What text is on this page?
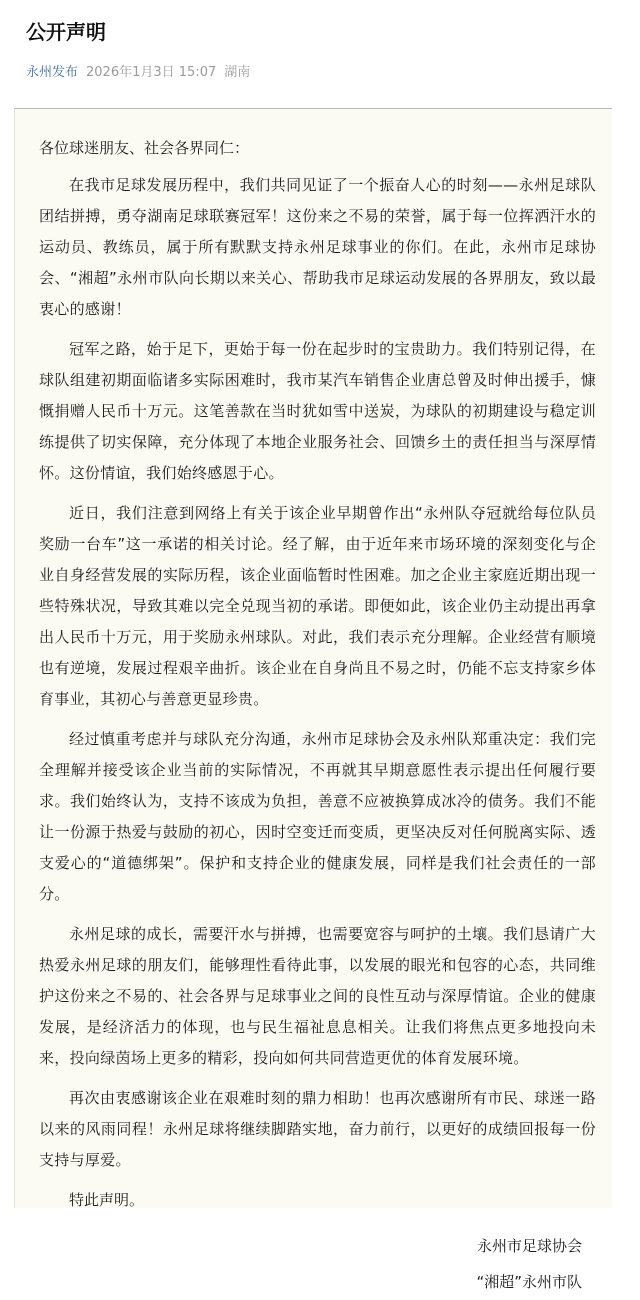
公开声明
永州发布 2026年1月3日 15:07 湖南

各位球迷朋友、社会各界同仁：

在我市足球发展历程中，我们共同见证了一个振奋人心的时刻——永州足球队团结拼搏，勇夺湖南足球联赛冠军！这份来之不易的荣誉，属于每一位挥洒汗水的运动员、教练员，属于所有默默支持永州足球事业的你们。在此，永州市足球协会、“湘超”永州市队向长期以来关心、帮助我市足球运动发展的各界朋友，致以最衷心的感谢！

冠军之路，始于足下，更始于每一份在起步时的宝贵助力。我们特别记得，在球队组建初期面临诸多实际困难时，我市某汽车销售企业唐总曾及时伸出援手，慷慨捐赠人民币十万元。这笔善款在当时犹如雪中送炭，为球队的初期建设与稳定训练提供了切实保障，充分体现了本地企业服务社会、回馈乡土的责任担当与深厚情怀。这份情谊，我们始终感恩于心。

近日，我们注意到网络上有关于该企业早期曾作出“永州队夺冠就给每位队员奖励一台车”这一承诺的相关讨论。经了解，由于近年来市场环境的深刻变化与企业自身经营发展的实际历程，该企业面临暂时性困难。加之企业主家庭近期出现一些特殊状况，导致其难以完全兑现当初的承诺。即便如此，该企业仍主动提出再拿出人民币十万元，用于奖励永州球队。对此，我们表示充分理解。企业经营有顺境也有逆境，发展过程艰辛曲折。该企业在自身尚且不易之时，仍能不忘支持家乡体育事业，其初心与善意更显珍贵。

经过慎重考虑并与球队充分沟通，永州市足球协会及永州队郑重决定：我们完全理解并接受该企业当前的实际情况，不再就其早期意愿性表示提出任何履行要求。我们始终认为，支持不该成为负担，善意不应被换算成冰冷的债务。我们不能让一份源于热爱与鼓励的初心，因时空变迁而变质，更坚决反对任何脱离实际、透支爱心的“道德绑架”。保护和支持企业的健康发展，同样是我们社会责任的一部分。

永州足球的成长，需要汗水与拼搏，也需要宽容与呵护的土壤。我们恳请广大热爱永州足球的朋友们，能够理性看待此事，以发展的眼光和包容的心态，共同维护这份来之不易的、社会各界与足球事业之间的良性互动与深厚情谊。企业的健康发展，是经济活力的体现，也与民生福祉息息相关。让我们将焦点更多地投向未来，投向绿茵场上更多的精彩，投向如何共同营造更优的体育发展环境。

再次由衷感谢该企业在艰难时刻的鼎力相助！也再次感谢所有市民、球迷一路以来的风雨同程！永州足球将继续脚踏实地，奋力前行，以更好的成绩回报每一份支持与厚爱。

特此声明。

永州市足球协会
“湘超”永州市队
